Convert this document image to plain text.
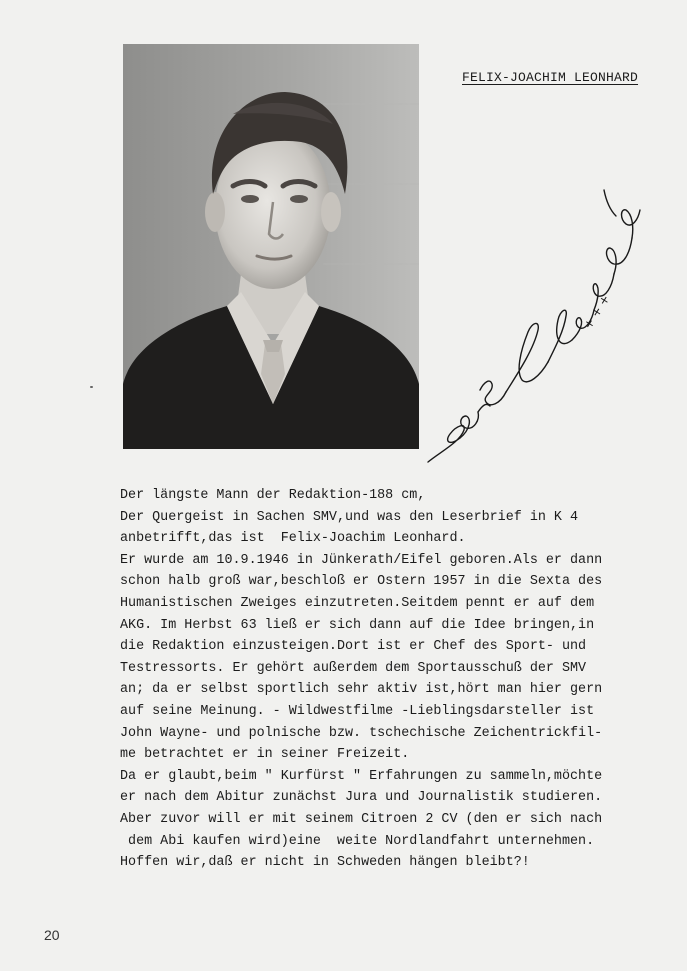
FELIX-JOACHIM LEONHARD
+ + +
Der längste Mann der Redaktion-188 cm,
Der Quergeist in Sachen SMV,und was den Leserbrief in K 4
anbetrifft,das ist  Felix-Joachim Leonhard.
Er wurde am 10.9.1946 in Jünkerath/Eifel geboren.Als er dann
schon halb groß war,beschloß er Ostern 1957 in die Sexta des
Humanistischen Zweiges einzutreten.Seitdem pennt er auf dem
AKG. Im Herbst 63 ließ er sich dann auf die Idee bringen,in
die Redaktion einzusteigen.Dort ist er Chef des Sport- und
Testressorts. Er gehört außerdem dem Sportausschuß der SMV
an; da er selbst sportlich sehr aktiv ist,hört man hier gern
auf seine Meinung. - Wildwestfilme -Lieblingsdarsteller ist
John Wayne- und polnische bzw. tschechische Zeichentrickfil-
me betrachtet er in seiner Freizeit.
Da er glaubt,beim " Kurfürst " Erfahrungen zu sammeln,möchte
er nach dem Abitur zunächst Jura und Journalistik studieren.
Aber zuvor will er mit seinem Citroen 2 CV (den er sich nach
dem Abi kaufen wird)eine  weite Nordlandfahrt unternehmen.
Hoffen wir,daß er nicht in Schweden hängen bleibt?!
20
